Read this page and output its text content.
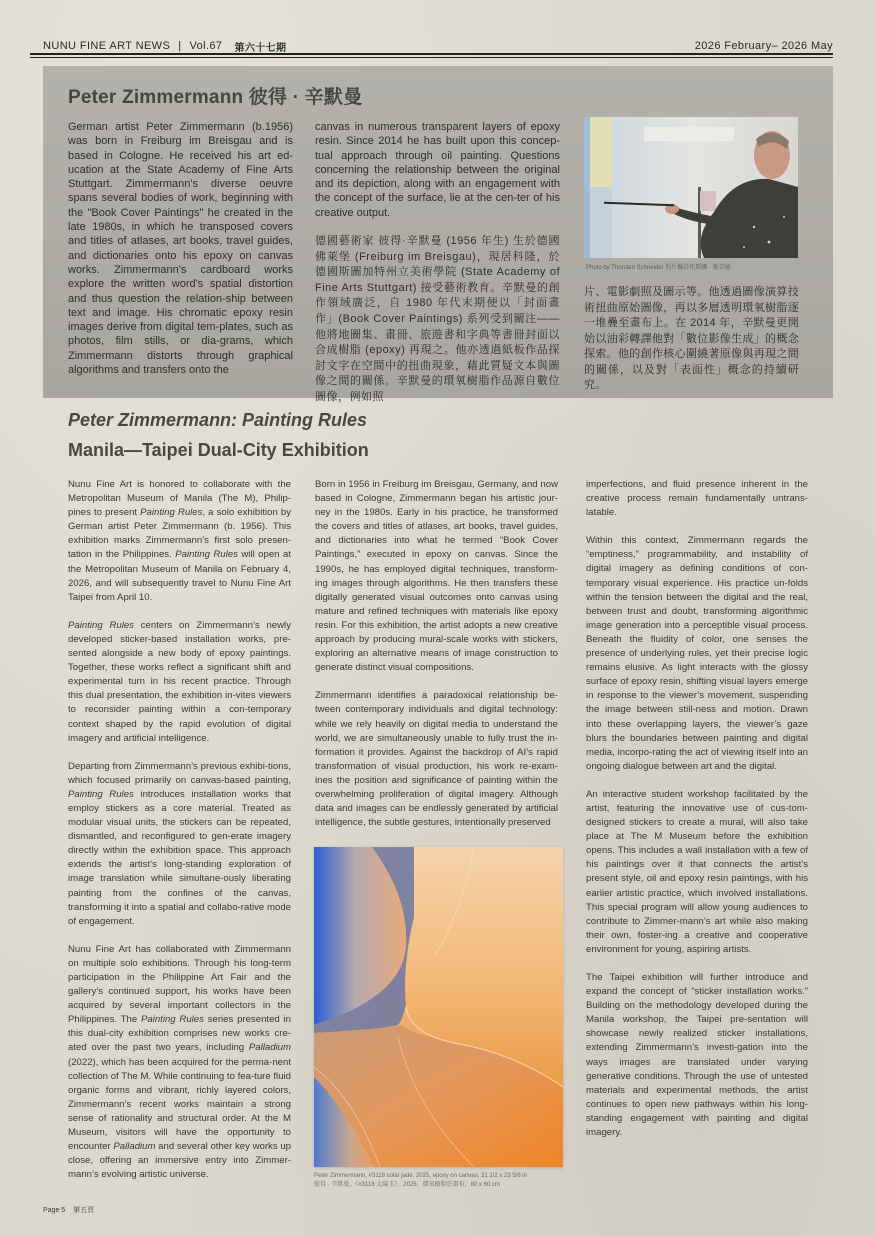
NUNU FINE ART NEWS | Vol.67 第六十七期	2026 February– 2026 May
Peter Zimmermann 彼得 · 辛默曼

German artist Peter Zimmermann (b.1956) was born in Freiburg im Breisgau and is based in Cologne. He received his art ed-ucation at the State Academy of Fine Arts Stuttgart. Zimmermann's diverse oeuvre spans several bodies of work, beginning with the "Book Cover Paintings" he created in the late 1980s, in which he transposed covers and titles of atlases, art books, travel guides, and dictionaries onto his epoxy on canvas works. Zimmermann's cardboard works explore the written word's spatial distortion and thus question the relation-ship between text and image. His chromatic epoxy resin images derive from digital tem-plates, such as photos, film stills, or dia-grams, which Zimmermann distorts through graphical algorithms and transfers onto the

canvas in numerous transparent layers of epoxy resin. Since 2014 he has built upon this concep-tual approach through oil painting. Questions concerning the relationship between the original and its depiction, along with an engagement with the concept of the surface, lie at the cen-ter of his creative output.

德國藝術家 彼得·辛默曼 (1956 年生) 生於德國佛萊堡 (Freiburg im Breisgau)，現居科隆，於德國斯圖加特州立美術學院 (State Academy of Fine Arts Stuttgart) 接受藝術教育。辛默曼的創作領域廣泛，自 1980 年代末期便以「封面畫作」(Book Cover Paintings) 系列受到關注——他將地圖集、畫冊、旅遊書和字典等書冊封面以合成樹脂 (epoxy) 再現之。他亦透過紙板作品探討文字在空間中的扭曲現象，藉此質疑文本與圖像之間的關係。辛默曼的環氧樹脂作品源自數位圖像，例如照

Photo by Thorsten Schneider 照片攝自托斯騰 · 施奈德

片、電影劇照及圖示等。他透過圖像演算技術扭曲原始圖像，再以多層透明環氧樹脂逐一堆疊至畫布上。在 2014 年，辛默曼更開始以油彩轉譯他對「數位影像生成」的概念探索。他的創作核心圍繞著原像與再現之間的關係，以及對「表面性」概念的持續研究。

Peter Zimmermann: Painting Rules
Manila—Taipei Dual-City Exhibition

Nunu Fine Art is honored to collaborate with the Metropolitan Museum of Manila (The M), Philip-pines to present Painting Rules, a solo exhibition by German artist Peter Zimmermann (b. 1956). This exhibition marks Zimmermann’s first solo presen-tation in the Philippines. Painting Rules will open at the Metropolitan Museum of Manila on February 4, 2026, and will subsequently travel to Nunu Fine Art Taipei from April 10.

Painting Rules centers on Zimmermann’s newly developed sticker-based installation works, pre-sented alongside a new body of epoxy paintings. Together, these works reflect a significant shift and experimental turn in his recent practice. Through this dual presentation, the exhibition in-vites viewers to reconsider painting within a con-temporary context shaped by the rapid evolution of digital imagery and artificial intelligence.

Departing from Zimmermann’s previous exhibi-tions, which focused primarily on canvas-based painting, Painting Rules introduces installation works that employ stickers as a core material. Treated as modular visual units, the stickers can be repeated, dismantled, and reconfigured to gen-erate imagery directly within the exhibition space. This approach extends the artist’s long-standing exploration of image translation while simultane-ously liberating painting from the confines of the canvas, transforming it into a spatial and collabo-rative mode of engagement.

Nunu Fine Art has collaborated with Zimmermann on multiple solo exhibitions. Through his long-term participation in the Philippine Art Fair and the gallery’s continued support, his works have been acquired by several important collectors in the Philippines. The Painting Rules series presented in this dual-city exhibition comprises new works cre-ated over the past two years, including Palladium (2022), which has been acquired for the perma-nent collection of The M. While continuing to fea-ture fluid organic forms and vibrant, richly layered colors, Zimmermann’s recent works maintain a strong sense of rationality and structural order. At the M Museum, visitors will have the opportunity to encounter Palladium and several other key works up close, offering an immersive entry into Zimmer-mann’s evolving artistic universe.

Born in 1956 in Freiburg im Breisgau, Germany, and now based in Cologne, Zimmermann began his artistic jour-ney in the 1980s. Early in his practice, he transformed the covers and titles of atlases, art books, travel guides, and dictionaries into what he termed “Book Cover Paintings,” executed in epoxy on canvas. Since the 1990s, he has employed digital techniques, transform-ing images through algorithms. He then transfers these digitally generated visual outcomes onto canvas using mature and refined techniques with materials like epoxy resin. For this exhibition, the artist adopts a new creative approach by producing mural-scale works with stickers, exploring an alternative means of image construction to generate distinct visual compositions.

Zimmermann identifies a paradoxical relationship be-tween contemporary individuals and digital technology: while we rely heavily on digital media to understand the world, we are simultaneously unable to fully trust the in-formation it provides. Against the backdrop of AI’s rapid transformation of visual production, his work re-exam-ines the position and significance of painting within the overwhelming proliferation of digital imagery. Although data and images can be endlessly generated by artificial intelligence, the subtle gestures, intentionally preserved

Peter Zimmermann, #3118 solar jade, 2025, epoxy on canvas, 31 1/2 x 23 5/8 in
彼得 · 辛默曼，《#3118 太陽玉》，2025，環氧樹脂於畫布，80 x 60 cm

imperfections, and fluid presence inherent in the creative process remain fundamentally untrans-latable.

Within this context, Zimmermann regards the “emptiness,” programmability, and instability of digital imagery as defining conditions of con-temporary visual experience. His practice un-folds within the tension between the digital and the real, between trust and doubt, transforming algorithmic image generation into a perceptible visual process. Beneath the fluidity of color, one senses the presence of underlying rules, yet their precise logic remains elusive. As light interacts with the glossy surface of epoxy resin, shifting visual layers emerge in response to the viewer’s movement, suspending the image between still-ness and motion. Drawn into these overlapping layers, the viewer’s gaze blurs the boundaries between painting and digital media, incorpo-rating the act of viewing itself into an ongoing dialogue between art and the digital.

An interactive student workshop facilitated by the artist, featuring the innovative use of cus-tom-designed stickers to create a mural, will also take place at The M Museum before the exhibition opens. This includes a wall installation with a few of his paintings over it that connects the artist’s present style, oil and epoxy resin paintings, with his earlier artistic practice, which involved installations. This special program will allow young audiences to contribute to Zimmer-mann’s art while also making their own, foster-ing a creative and cooperative environment for young, aspiring artists.

The Taipei exhibition will further introduce and expand the concept of “sticker installation works.” Building on the methodology developed during the Manila workshop, the Taipei pre-sentation will showcase newly realized sticker installations, extending Zimmermann’s investi-gation into the ways images are translated under varying generative conditions. Through the use of untested materials and experimental methods, the artist continues to open new pathways within his long-standing engagement with painting and digital imagery.

Page 5 第五頁
